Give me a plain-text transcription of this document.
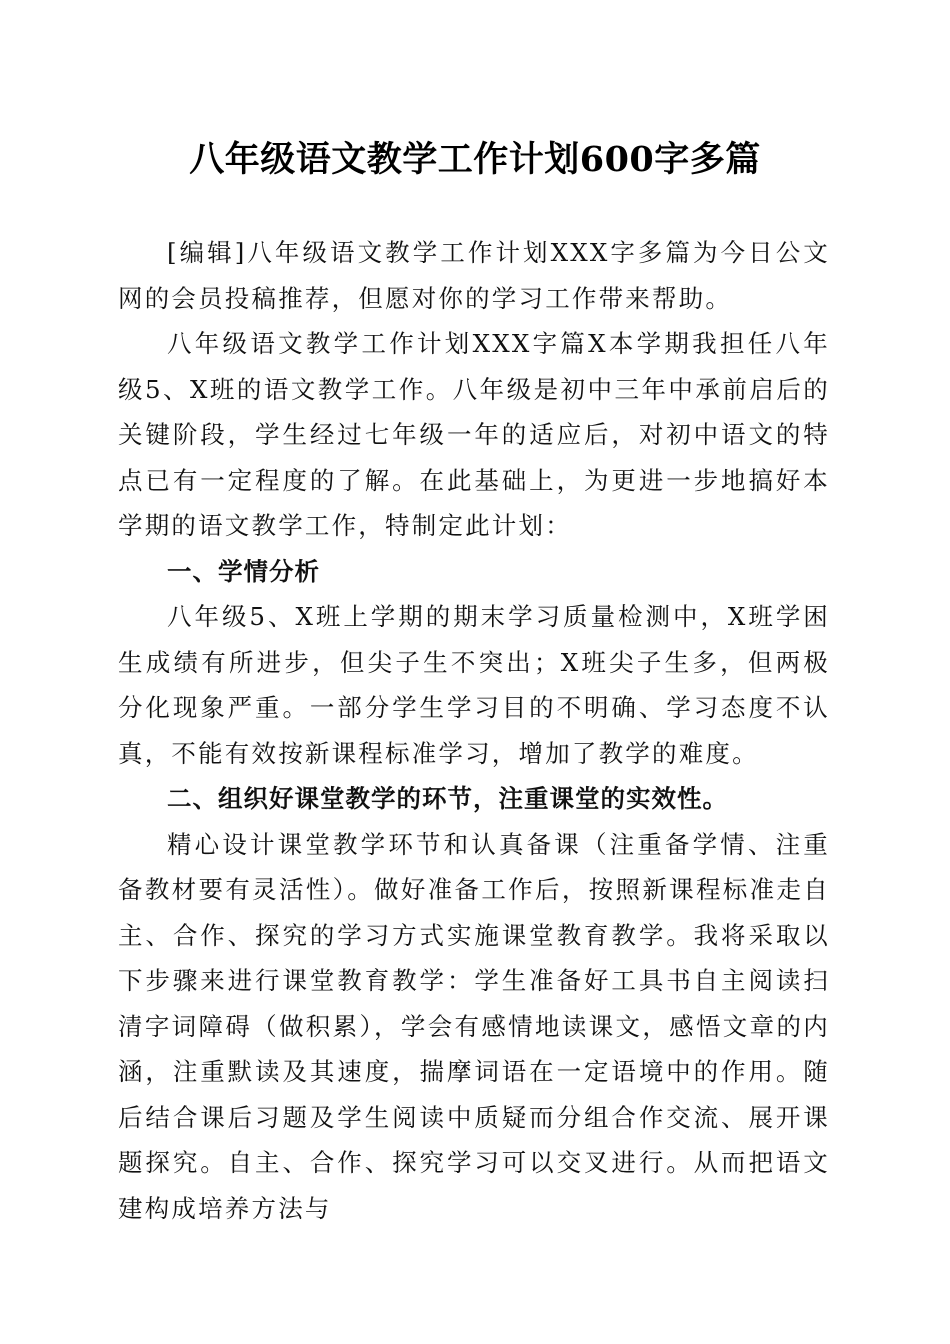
八年级语文教学工作计划600字多篇

[编辑]八年级语文教学工作计划XXX字多篇为今日公文网的会员投稿推荐，但愿对你的学习工作带来帮助。

八年级语文教学工作计划XXX字篇X本学期我担任八年级5、X班的语文教学工作。八年级是初中三年中承前启后的关键阶段，学生经过七年级一年的适应后，对初中语文的特点已有一定程度的了解。在此基础上，为更进一步地搞好本学期的语文教学工作，特制定此计划：

一、学情分析

八年级5、X班上学期的期末学习质量检测中，X班学困生成绩有所进步，但尖子生不突出；X班尖子生多，但两极分化现象严重。一部分学生学习目的不明确、学习态度不认真，不能有效按新课程标准学习，增加了教学的难度。

二、组织好课堂教学的环节，注重课堂的实效性。

精心设计课堂教学环节和认真备课（注重备学情、注重备教材要有灵活性）。做好准备工作后，按照新课程标准走自主、合作、探究的学习方式实施课堂教育教学。我将采取以下步骤来进行课堂教育教学：学生准备好工具书自主阅读扫清字词障碍（做积累），学会有感情地读课文，感悟文章的内涵，注重默读及其速度，揣摩词语在一定语境中的作用。随后结合课后习题及学生阅读中质疑而分组合作交流、展开课题探究。自主、合作、探究学习可以交叉进行。从而把语文建构成培养方法与
